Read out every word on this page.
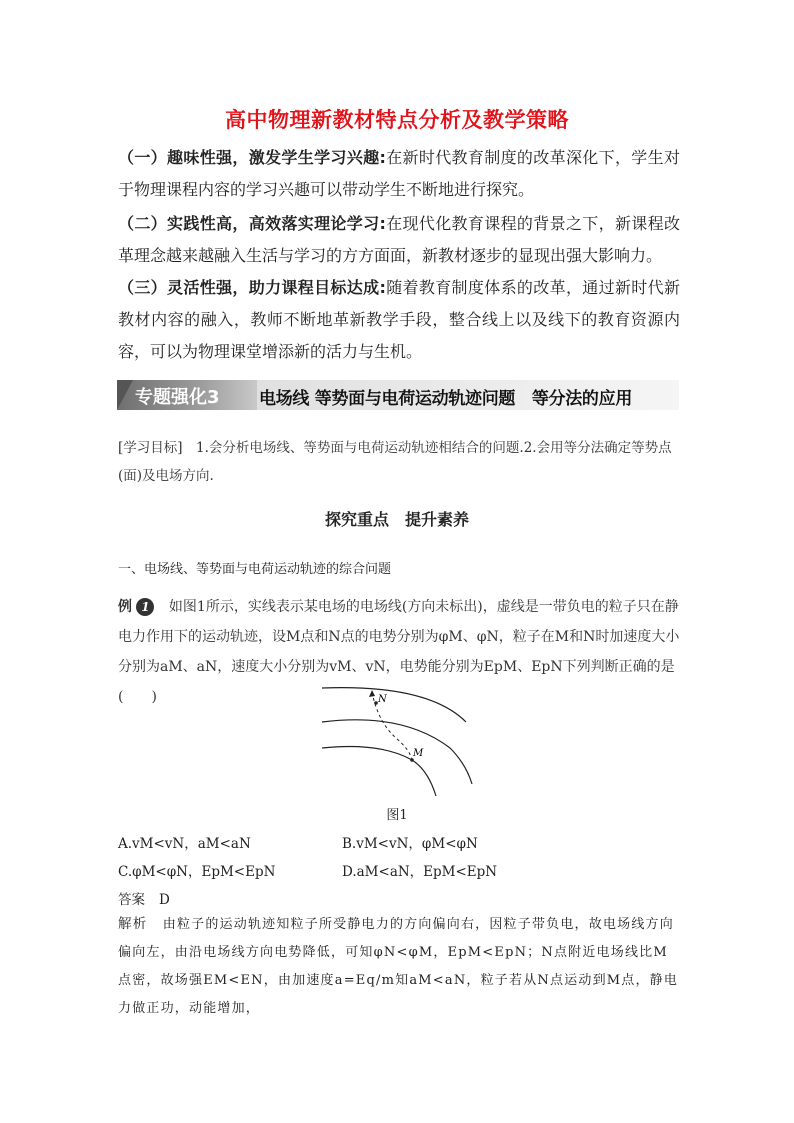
高中物理新教材特点分析及教学策略
（一）趣味性强，激发学生学习兴趣:在新时代教育制度的改革深化下，学生对于物理课程内容的学习兴趣可以带动学生不断地进行探究。
（二）实践性高，高效落实理论学习:在现代化教育课程的背景之下，新课程改革理念越来越融入生活与学习的方方面面，新教材逐步的显现出强大影响力。
（三）灵活性强，助力课程目标达成:随着教育制度体系的改革，通过新时代新教材内容的融入，教师不断地革新教学手段，整合线上以及线下的教育资源内容，可以为物理课堂增添新的活力与生机。
专题强化3 电场线 等势面与电荷运动轨迹问题　等分法的应用
[学习目标]　1.会分析电场线、等势面与电荷运动轨迹相结合的问题.2.会用等分法确定等势点(面)及电场方向.
探究重点　提升素养
一、电场线、等势面与电荷运动轨迹的综合问题
例 1 如图1所示，实线表示某电场的电场线(方向未标出)，虚线是一带负电的粒子只在静电力作用下的运动轨迹，设M点和N点的电势分别为φM、φN，粒子在M和N时加速度大小分别为aM、aN，速度大小分别为vM、vN，电势能分别为EpM、EpN下列判断正确的是(　　)	N
M
图1
A.vM<vN，aM<aN	B.vM<vN，φM<φN
C.φM<φN，EpM<EpN	D.aM<aN，EpM<EpN
答案 D
解析 由粒子的运动轨迹知粒子所受静电力的方向偏向右，因粒子带负电，故电场线方向偏向左，由沿电场线方向电势降低，可知φN<φM，EpM<EpN；N点附近电场线比M点密，故场强EM<EN，由加速度a=Eq/m知aM<aN，粒子若从N点运动到M点，静电力做正功，动能增加，
